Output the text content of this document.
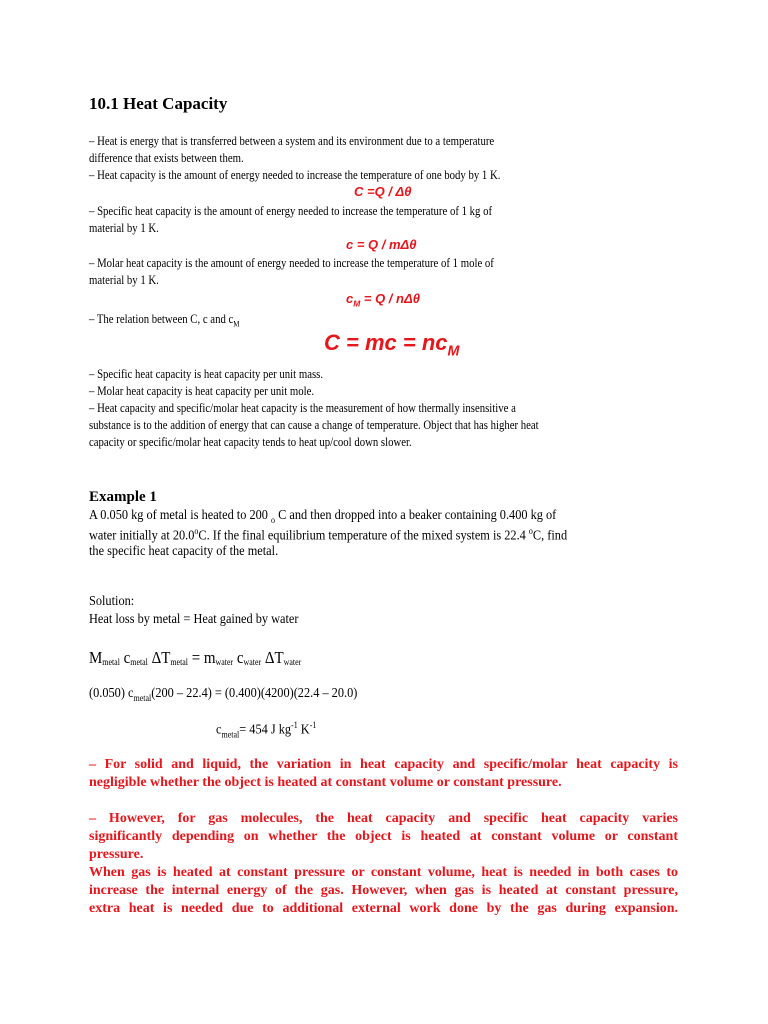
10.1 Heat Capacity
– Heat is energy that is transferred between a system and its environment due to a temperature
difference that exists between them.
– Heat capacity is the amount of energy needed to increase the temperature of one body by 1 K.
C =Q / Δθ
– Specific heat capacity is the amount of energy needed to increase the temperature of 1 kg of
material by 1 K.
c = Q / mΔθ
– Molar heat capacity is the amount of energy needed to increase the temperature of 1 mole of
material by 1 K.
$c_M = Q / n\Delta\theta$
– The relation between C, c and $c_M$
C = mc = $nc_M$
– Specific heat capacity is heat capacity per unit mass.
– Molar heat capacity is heat capacity per unit mole.
– Heat capacity and specific/molar heat capacity is the measurement of how thermally insensitive a
substance is to the addition of energy that can cause a change of temperature. Object that has higher heat
capacity or specific/molar heat capacity tends to heat up/cool down slower.
Example 1
A 0.050 kg of metal is heated to 200 $_o$ C and then dropped into a beaker containing 0.400 kg of
water initially at 20.0$^o$C. If the final equilibrium temperature of the mixed system is 22.4 $^o$C, find
the specific heat capacity of the metal.
Solution:
Heat loss by metal = Heat gained by water
Mmetal cmetal ΔTmetal = mwater cwater ΔTwater
(0.050) $c_{metal}(200 - 22.4) = (0.400)(4200)(22.4 - 20.0)$
$c_{metal}= 454$ J $kg^{-1}$ $K^{-1}$
– For solid and liquid, the variation in heat capacity and specific/molar heat capacity is
negligible whether the object is heated at constant volume or constant pressure.
– However, for gas molecules, the heat capacity and specific heat capacity varies
significantly depending on whether the object is heated at constant volume or constant
pressure.
When gas is heated at constant pressure or constant volume, heat is needed in both cases to
increase the internal energy of the gas. However, when gas is heated at constant pressure,
extra heat is needed due to additional external work done by the gas during expansion.
